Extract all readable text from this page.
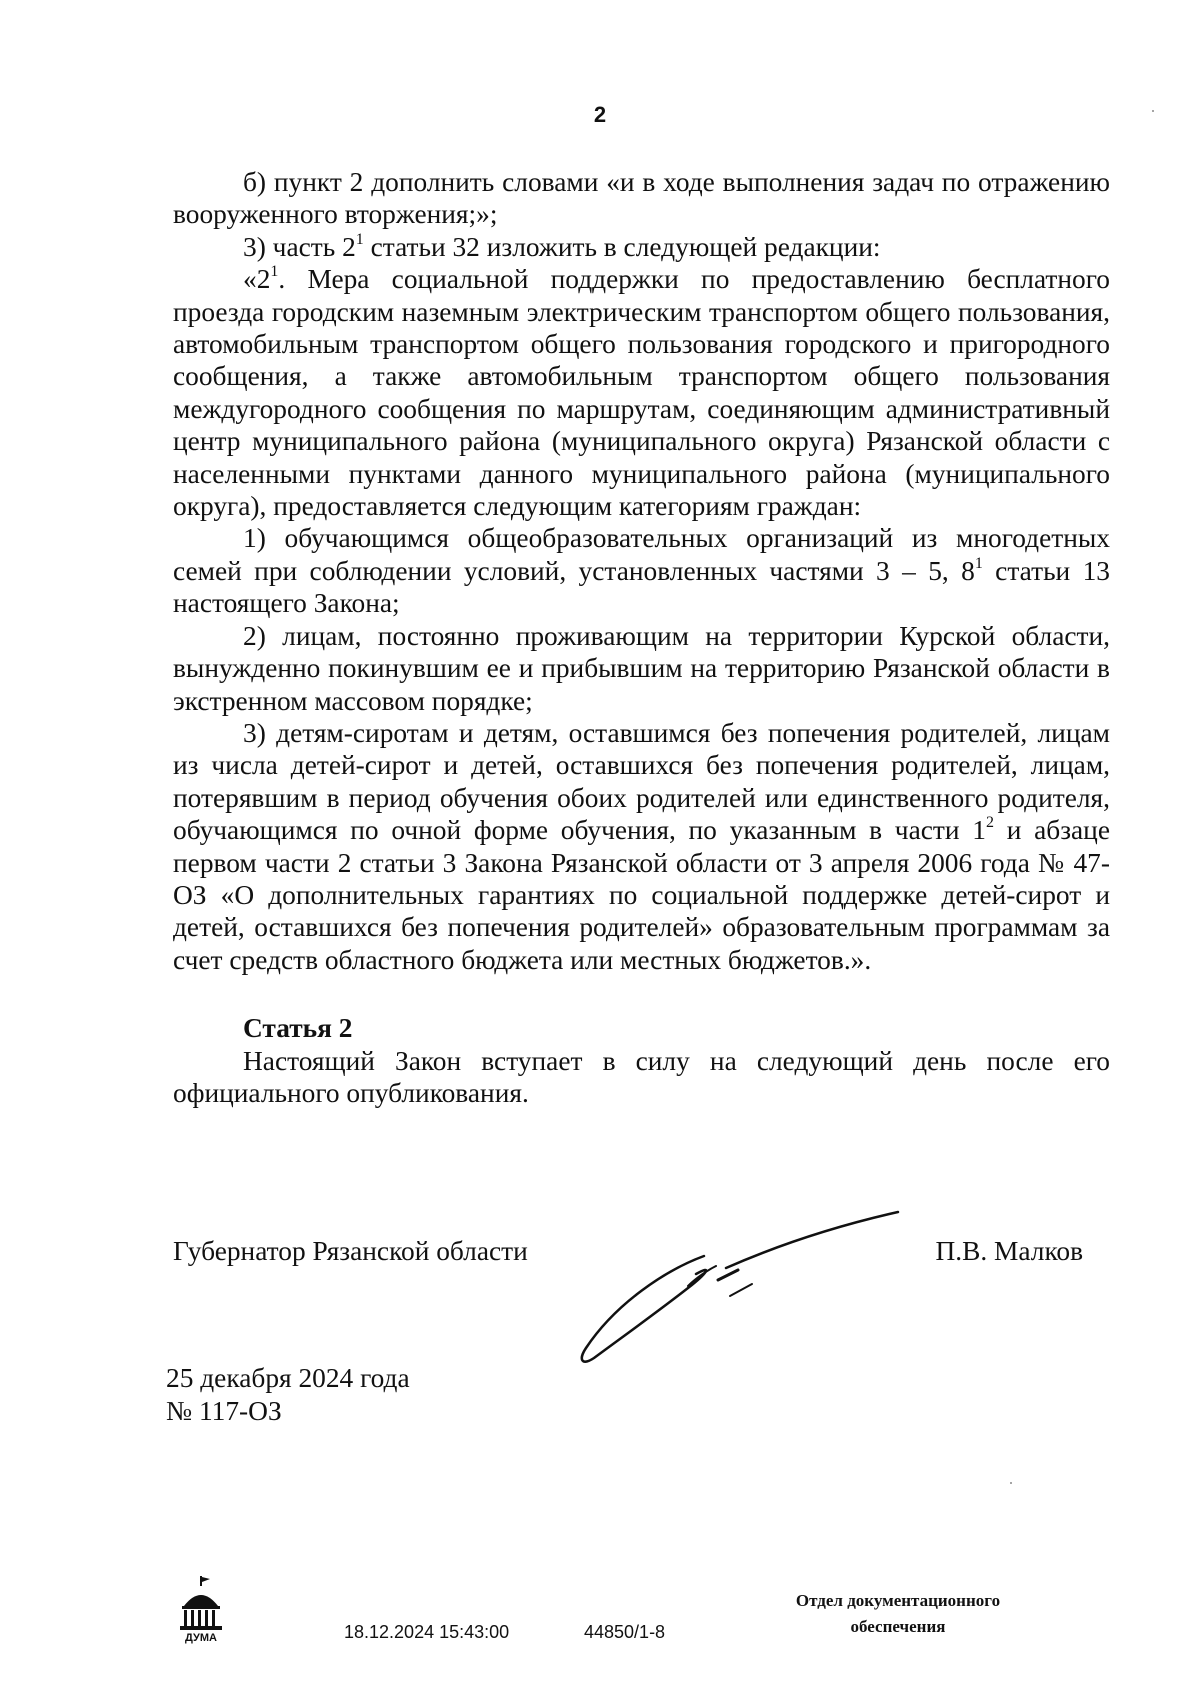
2

б) пункт 2 дополнить словами «и в ходе выполнения задач по отражению вооруженного вторжения;»;

3) часть $2^1$ статьи 32 изложить в следующей редакции:

«$2^1$. Мера социальной поддержки по предоставлению бесплатного проезда городским наземным электрическим транспортом общего пользования, автомобильным транспортом общего пользования городского и пригородного сообщения, а также автомобильным транспортом общего пользования междугородного сообщения по маршрутам, соединяющим административный центр муниципального района (муниципального округа) Рязанской области с населенными пунктами данного муниципального района (муниципального округа), предоставляется следующим категориям граждан:

1) обучающимся общеобразовательных организаций из многодетных семей при соблюдении условий, установленных частями 3 – 5, $8^1$ статьи 13 настоящего Закона;

2) лицам, постоянно проживающим на территории Курской области, вынужденно покинувшим ее и прибывшим на территорию Рязанской области в экстренном массовом порядке;

3) детям-сиротам и детям, оставшимся без попечения родителей, лицам из числа детей-сирот и детей, оставшихся без попечения родителей, лицам, потерявшим в период обучения обоих родителей или единственного родителя, обучающимся по очной форме обучения, по указанным в части $1^2$ и абзаце первом части 2 статьи 3 Закона Рязанской области от 3 апреля 2006 года № 47-ОЗ «О дополнительных гарантиях по социальной поддержке детей-сирот и детей, оставшихся без попечения родителей» образовательным программам за счет средств областного бюджета или местных бюджетов.».

Статья 2

Настоящий Закон вступает в силу на следующий день после его официального опубликования.

Губернатор Рязанской области	П.В. Малков
25 декабря 2024 года
№ 117-ОЗ
ДУМА	18.12.2024 15:43:00	44850/1-8
Отдел документационного
обеспечения
